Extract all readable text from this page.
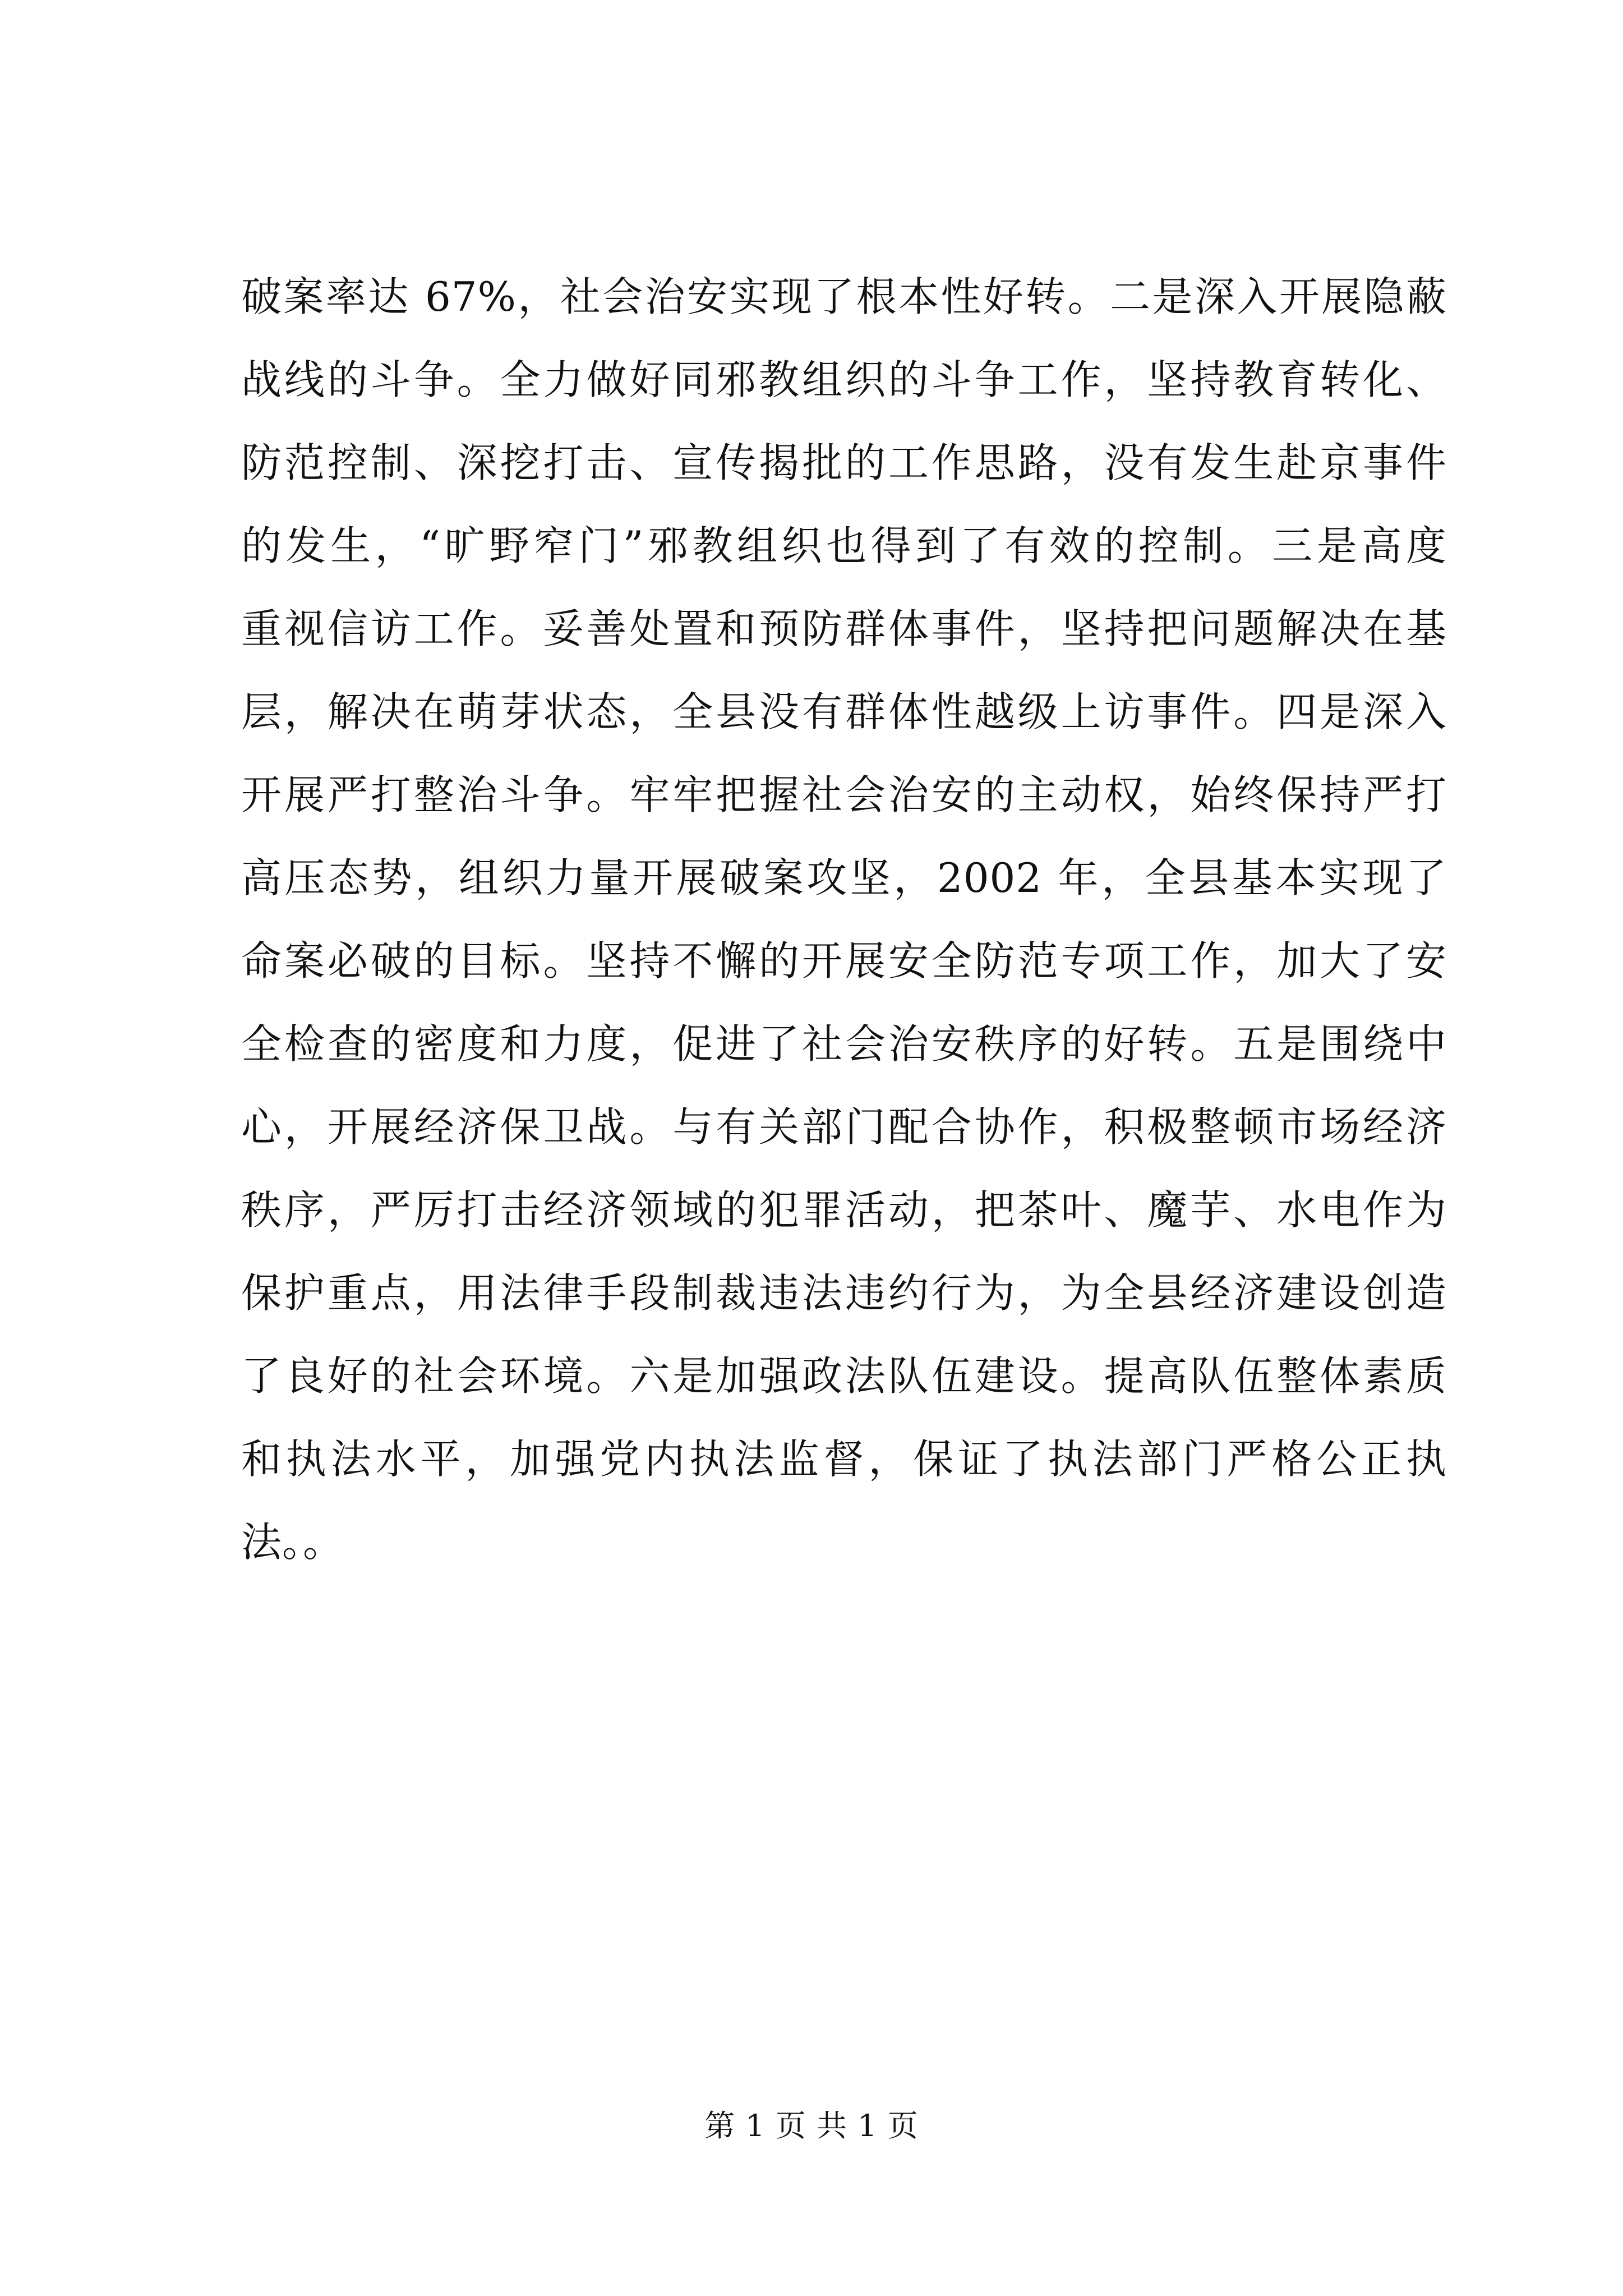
破案率达 67%，社会治安实现了根本性好转。二是深入开展隐蔽
战线的斗争。全力做好同邪教组织的斗争工作，坚持教育转化、
防范控制、深挖打击、宣传揭批的工作思路，没有发生赴京事件
的发生，“旷野窄门”邪教组织也得到了有效的控制。三是高度
重视信访工作。妥善处置和预防群体事件，坚持把问题解决在基
层，解决在萌芽状态，全县没有群体性越级上访事件。四是深入
开展严打整治斗争。牢牢把握社会治安的主动权，始终保持严打
高压态势，组织力量开展破案攻坚，2002 年，全县基本实现了
命案必破的目标。坚持不懈的开展安全防范专项工作，加大了安
全检查的密度和力度，促进了社会治安秩序的好转。五是围绕中
心，开展经济保卫战。与有关部门配合协作，积极整顿市场经济
秩序，严厉打击经济领域的犯罪活动，把茶叶、魔芋、水电作为
保护重点，用法律手段制裁违法违约行为，为全县经济建设创造
了良好的社会环境。六是加强政法队伍建设。提高队伍整体素质
和执法水平，加强党内执法监督，保证了执法部门严格公正执
法。。
第 1 页 共 1 页
